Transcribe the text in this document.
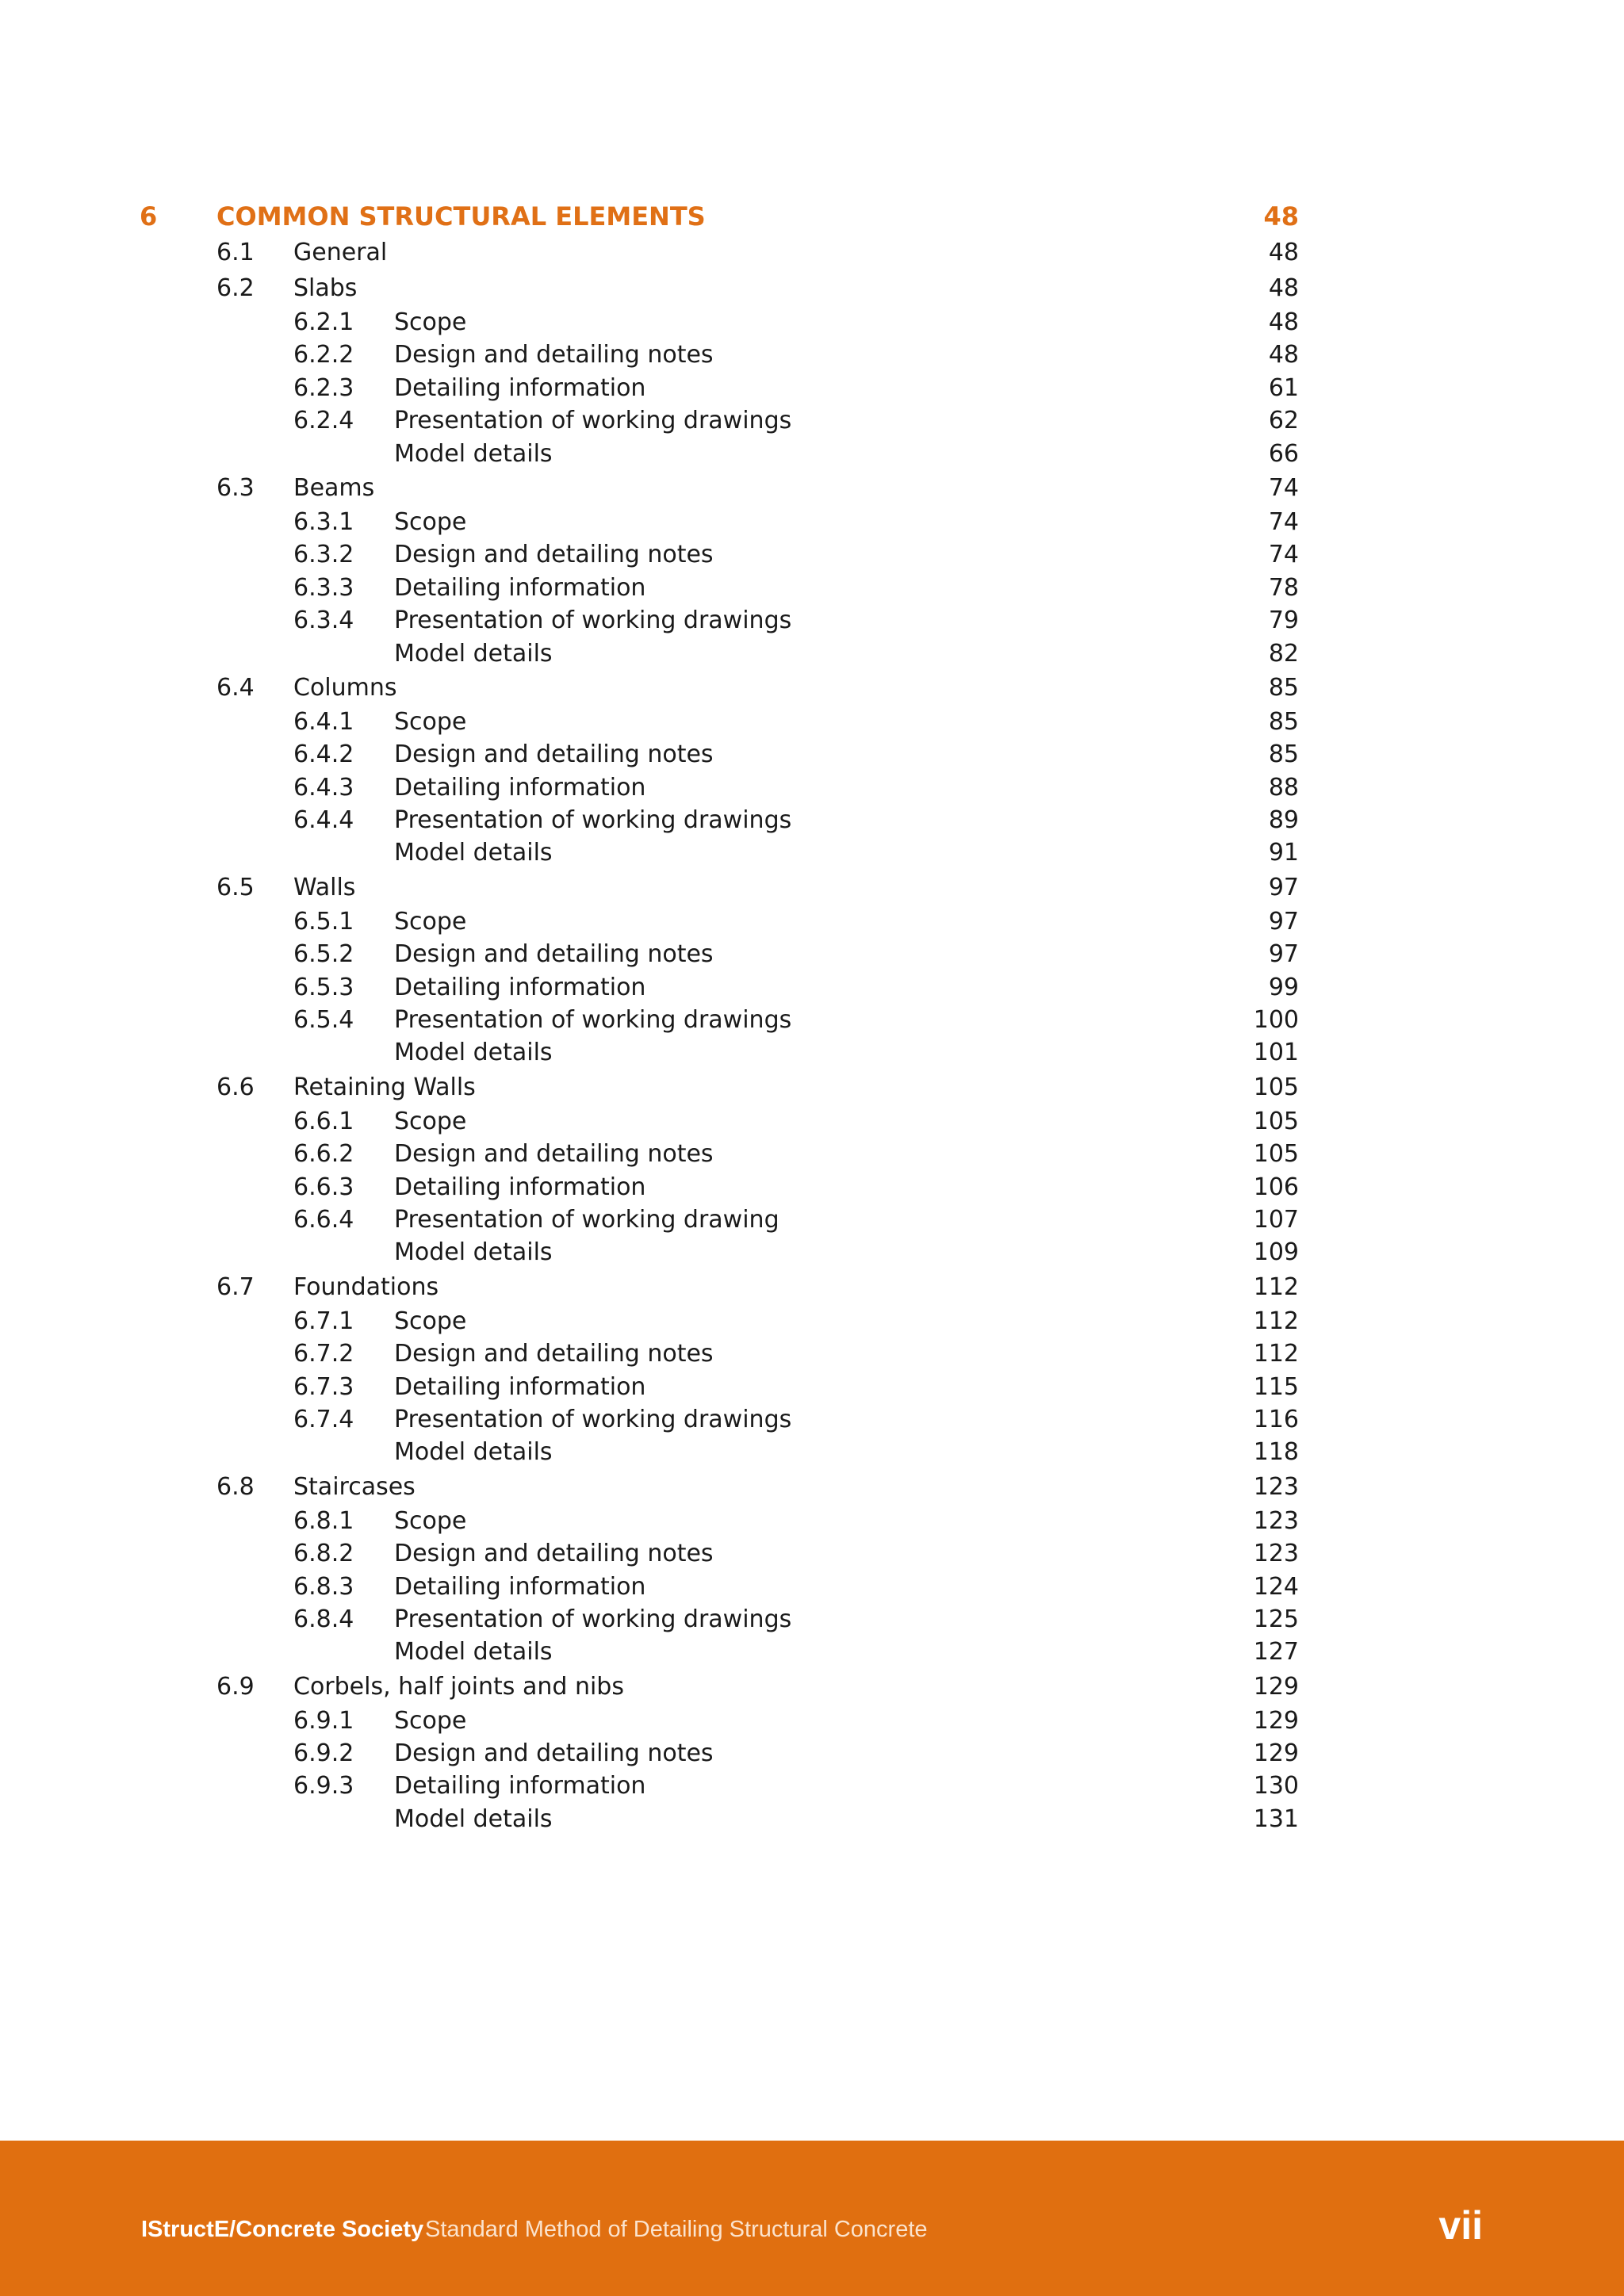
6 COMMON STRUCTURAL ELEMENTS	48
6.1 General	48
6.2 Slabs	48
6.2.1 Scope	48
6.2.2 Design and detailing notes	48
6.2.3 Detailing information	61
6.2.4 Presentation of working drawings	62
Model details	66
6.3 Beams	74
6.3.1 Scope	74
6.3.2 Design and detailing notes	74
6.3.3 Detailing information	78
6.3.4 Presentation of working drawings	79
Model details	82
6.4 Columns	85
6.4.1 Scope	85
6.4.2 Design and detailing notes	85
6.4.3 Detailing information	88
6.4.4 Presentation of working drawings	89
Model details	91
6.5 Walls	97
6.5.1 Scope	97
6.5.2 Design and detailing notes	97
6.5.3 Detailing information	99
6.5.4 Presentation of working drawings	100
Model details	101
6.6 Retaining Walls	105
6.6.1 Scope	105
6.6.2 Design and detailing notes	105
6.6.3 Detailing information	106
6.6.4 Presentation of working drawing	107
Model details	109
6.7 Foundations	112
6.7.1 Scope	112
6.7.2 Design and detailing notes	112
6.7.3 Detailing information	115
6.7.4 Presentation of working drawings	116
Model details	118
6.8 Staircases	123
6.8.1 Scope	123
6.8.2 Design and detailing notes	123
6.8.3 Detailing information	124
6.8.4 Presentation of working drawings	125
Model details	127
6.9 Corbels, half joints and nibs	129
6.9.1 Scope	129
6.9.2 Design and detailing notes	129
6.9.3 Detailing information	130
Model details	131
IStructE/Concrete Society Standard Method of Detailing Structural Concrete	vii
